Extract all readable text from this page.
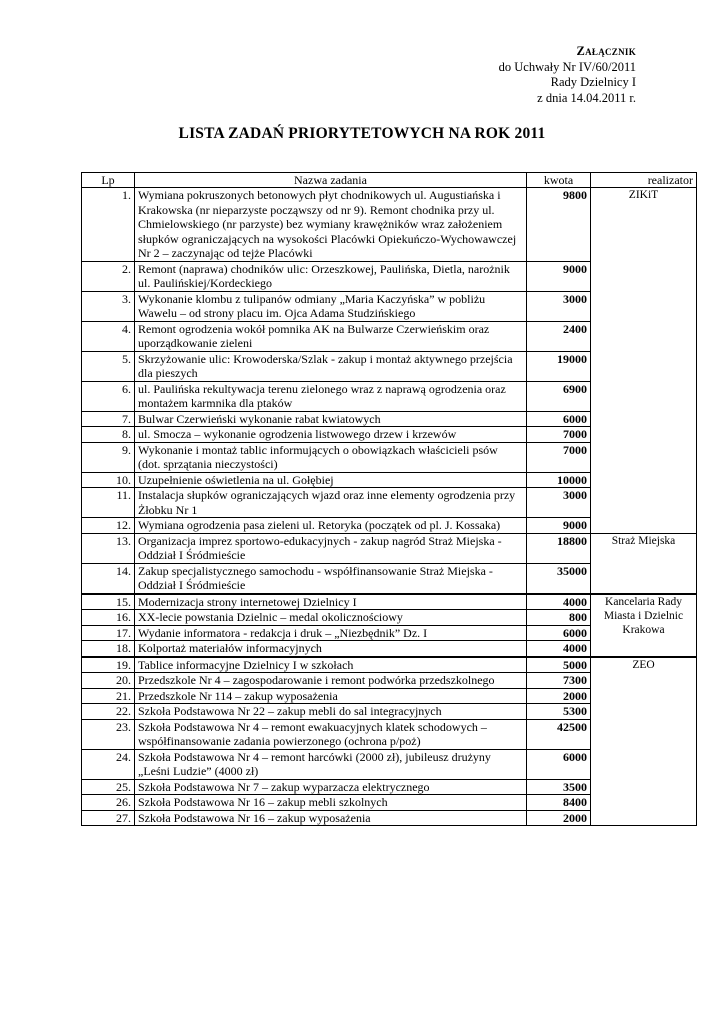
Załącznik
do Uchwały Nr IV/60/2011
Rady Dzielnicy I
z dnia 14.04.2011 r.
LISTA ZADAŃ PRIORYTETOWYCH NA ROK 2011
Lp	Nazwa zadania	kwota	realizator
1.	Wymiana pokruszonych betonowych płyt chodnikowych ul. Augustiańska i Krakowska (nr nieparzyste począwszy od nr 9). Remont chodnika przy ul. Chmielowskiego (nr parzyste) bez wymiany krawężników wraz założeniem słupków ograniczających na wysokości Placówki Opiekuńczo-Wychowawczej Nr 2 – zaczynając od tejże Placówki	9800	ZIKiT
2.	Remont (naprawa) chodników ulic: Orzeszkowej, Paulińska, Dietla, narożnik ul. Paulińskiej/Kordeckiego	9000	
3.	Wykonanie klombu z tulipanów odmiany „Maria Kaczyńska” w pobliżu Wawelu – od strony placu im. Ojca Adama Studzińskiego	3000	
4.	Remont ogrodzenia wokół pomnika AK na Bulwarze Czerwieńskim oraz uporządkowanie zieleni	2400	
5.	Skrzyżowanie ulic: Krowoderska/Szlak - zakup i montaż aktywnego przejścia dla pieszych	19000	
6.	ul. Paulińska rekultywacja terenu zielonego wraz z naprawą ogrodzenia oraz montażem karmnika dla ptaków	6900	
7.	Bulwar Czerwieński wykonanie rabat kwiatowych	6000	
8.	ul. Smocza – wykonanie ogrodzenia listwowego drzew i krzewów	7000	
9.	Wykonanie i montaż tablic informujących o obowiązkach właścicieli psów (dot. sprzątania nieczystości)	7000	
10.	Uzupełnienie oświetlenia na ul. Gołębiej	10000	
11.	Instalacja słupków ograniczających wjazd oraz inne elementy ogrodzenia przy Żłobku Nr 1	3000	
12.	Wymiana ogrodzenia pasa zieleni ul. Retoryka (początek od pl. J. Kossaka)	9000	
13.	Organizacja imprez sportowo-edukacyjnych - zakup nagród Straż Miejska - Oddział I Śródmieście	18800	Straż Miejska
14.	Zakup specjalistycznego samochodu - współfinansowanie Straż Miejska - Oddział I Śródmieście	35000	
15.	Modernizacja strony internetowej Dzielnicy I	4000	Kancelaria Rady Miasta i Dzielnic Krakowa
16.	XX-lecie powstania Dzielnic – medal okolicznościowy	800	
17.	Wydanie informatora - redakcja i druk – „Niezbędnik” Dz. I	6000	
18.	Kolportaż materiałów informacyjnych	4000	
19.	Tablice informacyjne Dzielnicy I w szkołach	5000	ZEO
20.	Przedszkole Nr 4 – zagospodarowanie i remont podwórka przedszkolnego	7300	
21.	Przedszkole Nr 114 – zakup wyposażenia	2000	
22.	Szkoła Podstawowa Nr 22 – zakup mebli do sal integracyjnych	5300	
23.	Szkoła Podstawowa Nr 4 – remont ewakuacyjnych klatek schodowych – współfinansowanie zadania powierzonego (ochrona p/poż)	42500	
24.	Szkoła Podstawowa Nr 4 – remont harcówki (2000 zł), jubileusz drużyny „Leśni Ludzie” (4000 zł)	6000	
25.	Szkoła Podstawowa Nr 7 – zakup wyparzacza elektrycznego	3500	
26.	Szkoła Podstawowa Nr 16 – zakup mebli szkolnych	8400	
27.	Szkoła Podstawowa Nr 16 – zakup wyposażenia	2000	
